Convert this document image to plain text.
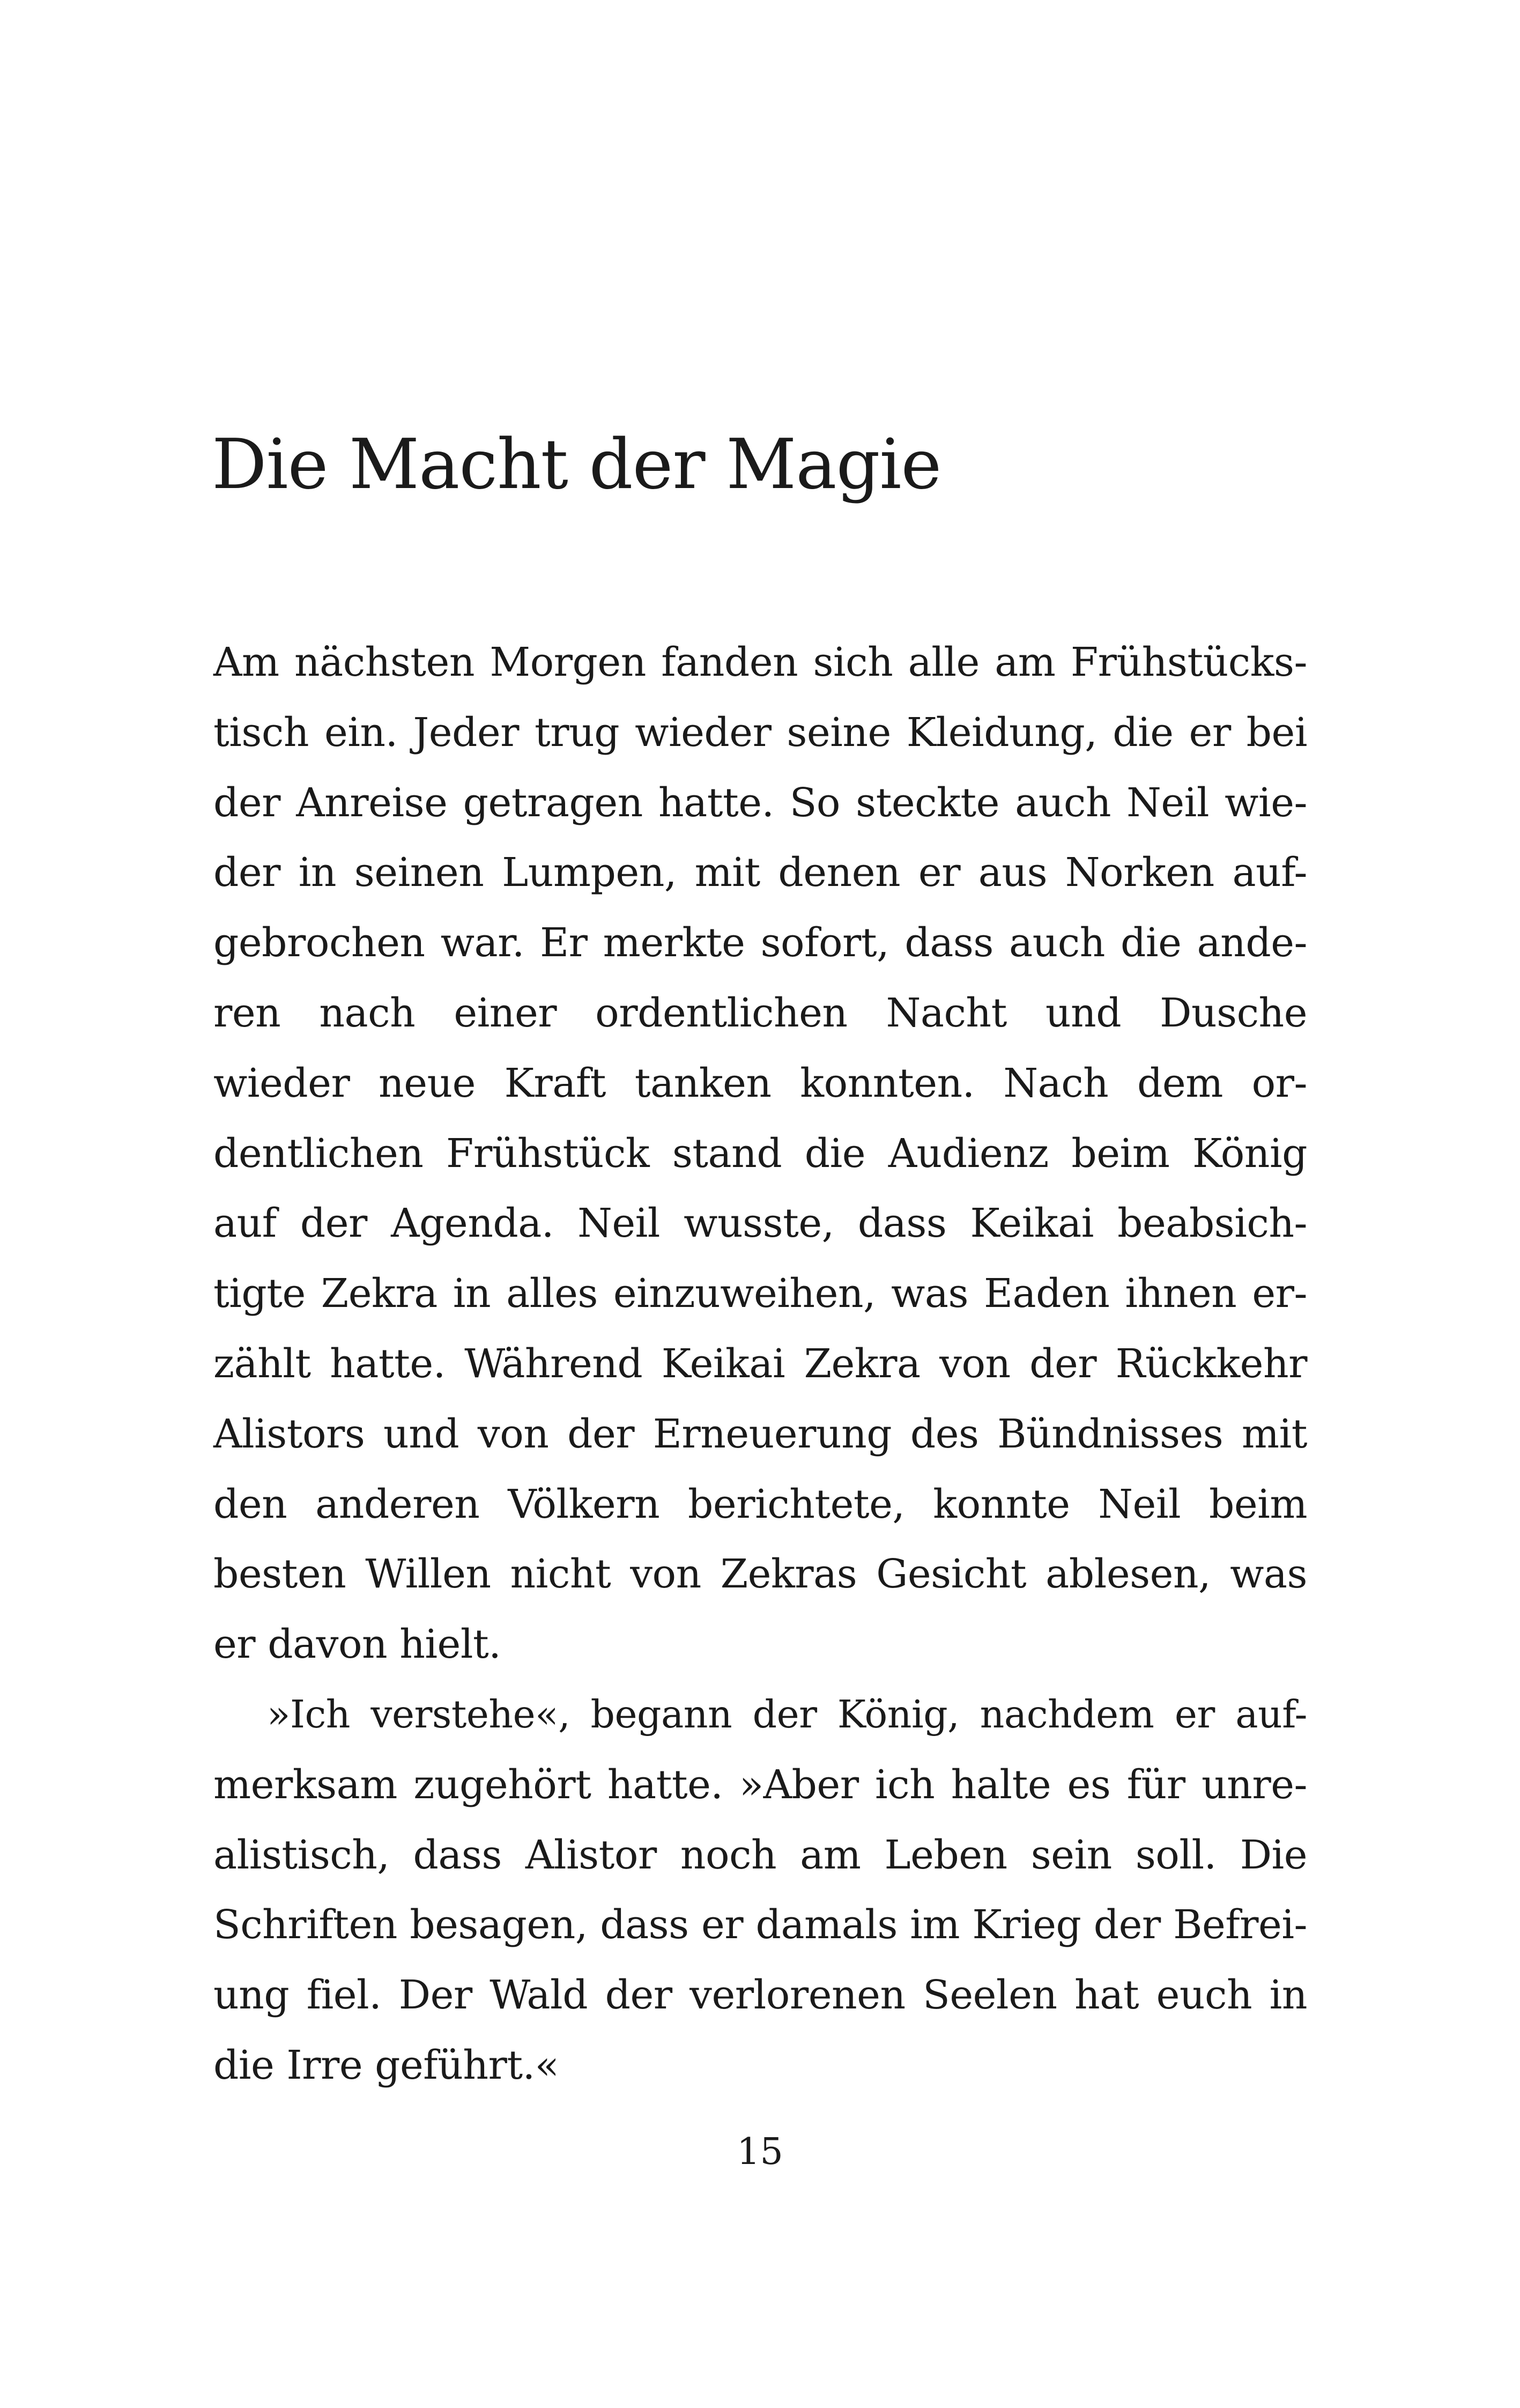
Die Macht der Magie
Am nächsten Morgen fanden sich alle am Frühstücks-
tisch ein. Jeder trug wieder seine Kleidung, die er bei
der Anreise getragen hatte. So steckte auch Neil wie-
der in seinen Lumpen, mit denen er aus Norken auf-
gebrochen war. Er merkte sofort, dass auch die ande-
ren nach einer ordentlichen Nacht und Dusche
wieder neue Kraft tanken konnten. Nach dem or-
dentlichen Frühstück stand die Audienz beim König
auf der Agenda. Neil wusste, dass Keikai beabsich-
tigte Zekra in alles einzuweihen, was Eaden ihnen er-
zählt hatte. Während Keikai Zekra von der Rückkehr
Alistors und von der Erneuerung des Bündnisses mit
den anderen Völkern berichtete, konnte Neil beim
besten Willen nicht von Zekras Gesicht ablesen, was
er davon hielt.
»Ich verstehe«, begann der König, nachdem er auf-
merksam zugehört hatte. »Aber ich halte es für unre-
alistisch, dass Alistor noch am Leben sein soll. Die
Schriften besagen, dass er damals im Krieg der Befrei-
ung fiel. Der Wald der verlorenen Seelen hat euch in
die Irre geführt.«
15
